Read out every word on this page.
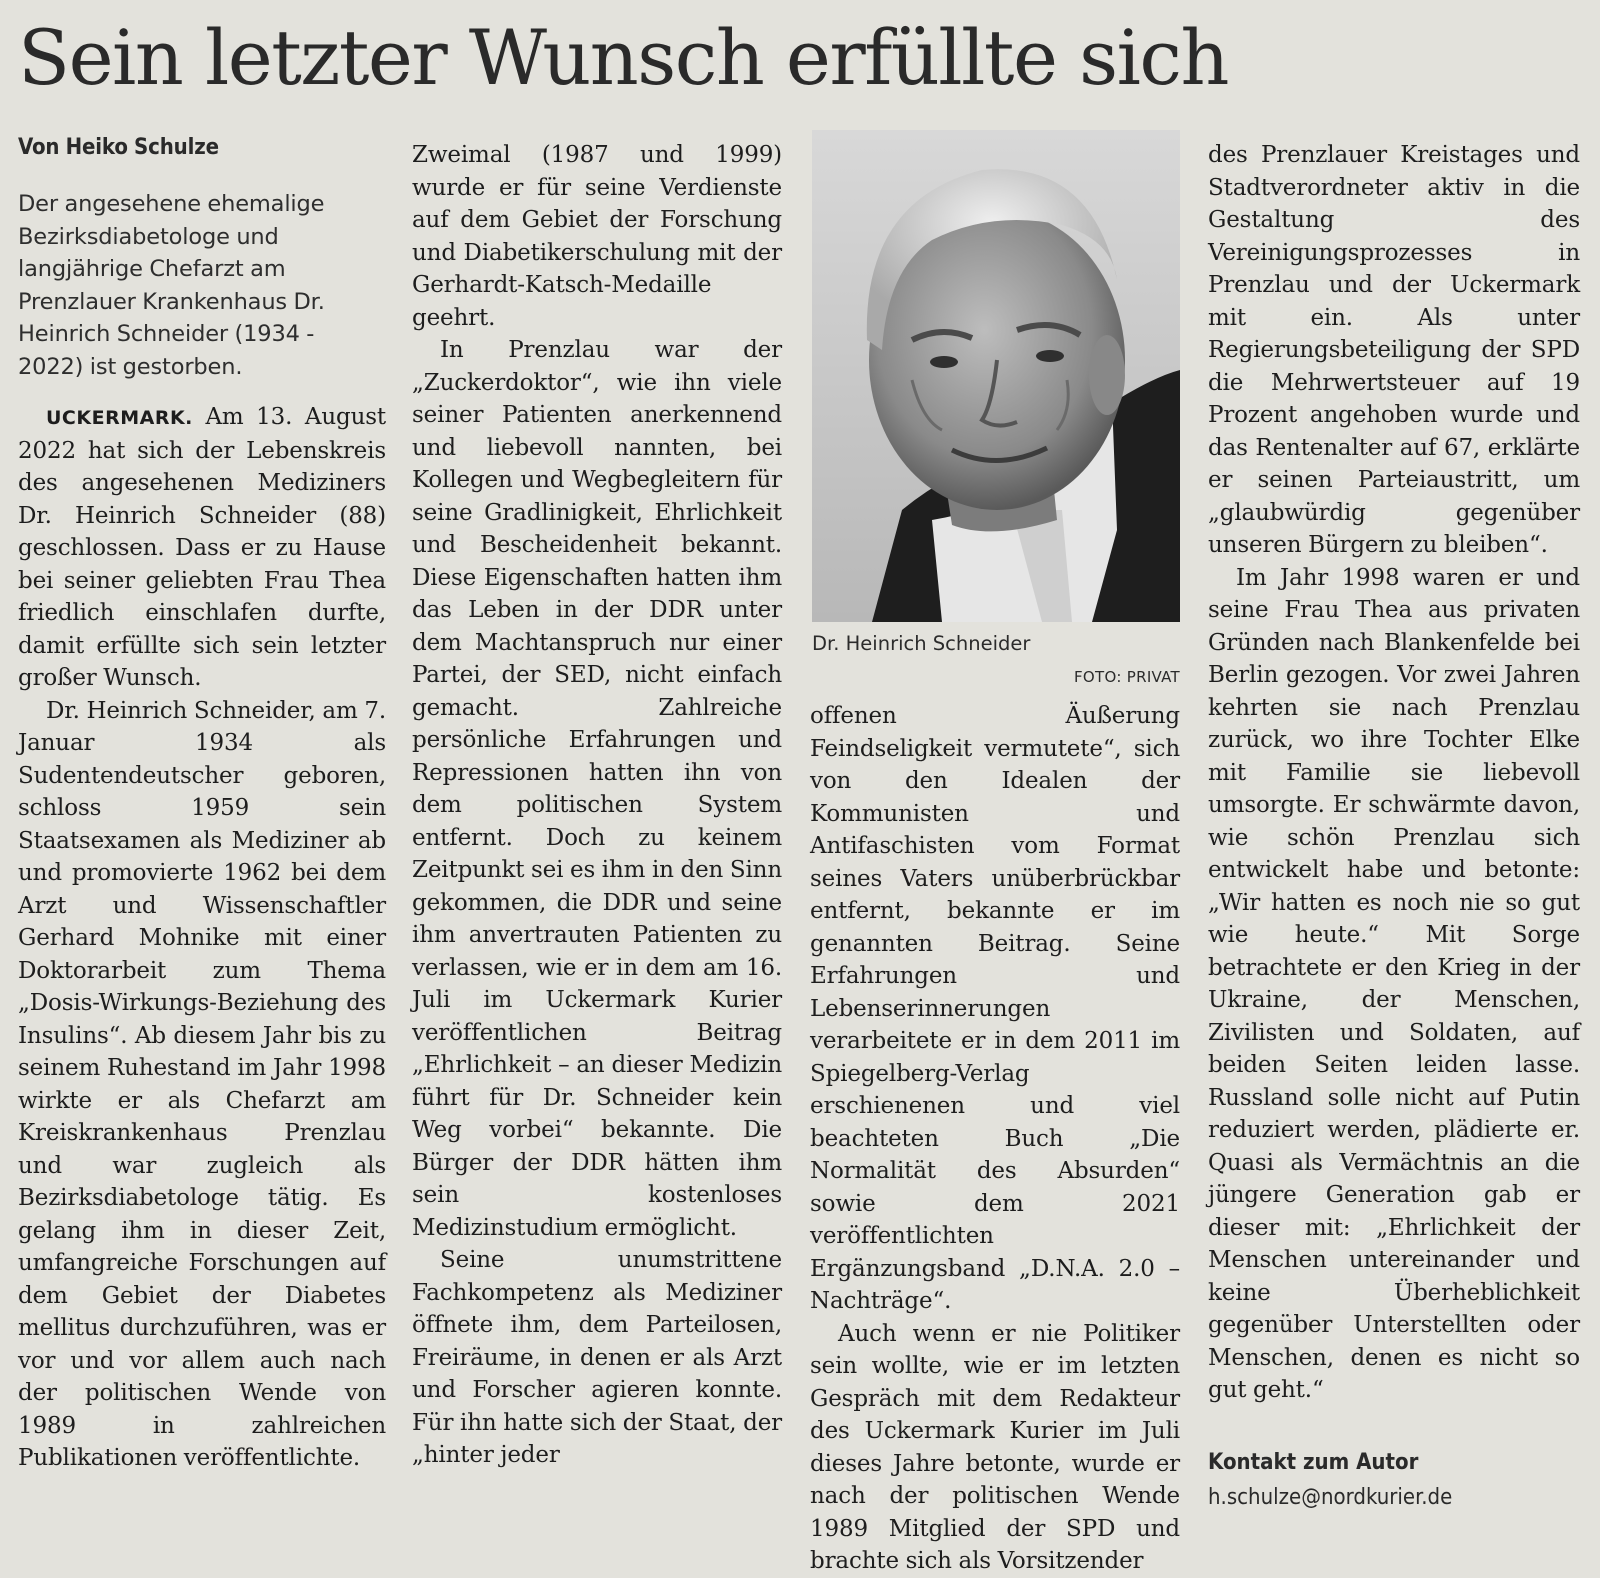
Sein letzter Wunsch erfüllte sich

Von Heiko Schulze

Der angesehene ehemalige Bezirksdiabetologe und langjährige Chefarzt am Prenzlauer Krankenhaus Dr. Heinrich Schneider (1934 - 2022) ist gestorben.

UCKERMARK. Am 13. August 2022 hat sich der Lebenskreis des angesehenen Mediziners Dr. Heinrich Schneider (88) geschlossen. Dass er zu Hause bei seiner geliebten Frau Thea friedlich einschlafen durfte, damit erfüllte sich sein letzter großer Wunsch.

Dr. Heinrich Schneider, am 7. Januar 1934 als Sudentendeutscher geboren, schloss 1959 sein Staatsexamen als Mediziner ab und promovierte 1962 bei dem Arzt und Wissenschaftler Gerhard Mohnike mit einer Doktorarbeit zum Thema „Dosis-Wirkungs-Beziehung des Insulins“. Ab diesem Jahr bis zu seinem Ruhestand im Jahr 1998 wirkte er als Chefarzt am Kreiskrankenhaus Prenzlau und war zugleich als Bezirksdiabetologe tätig. Es gelang ihm in dieser Zeit, umfangreiche Forschungen auf dem Gebiet der Diabetes mellitus durchzuführen, was er vor und vor allem auch nach der politischen Wende von 1989 in zahlreichen Publikationen veröffentlichte.

Zweimal (1987 und 1999) wurde er für seine Verdienste auf dem Gebiet der Forschung und Diabetikerschulung mit der Gerhardt-Katsch-Medaille geehrt.

In Prenzlau war der „Zuckerdoktor“, wie ihn viele seiner Patienten anerkennend und liebevoll nannten, bei Kollegen und Wegbegleitern für seine Gradlinigkeit, Ehrlichkeit und Bescheidenheit bekannt. Diese Eigenschaften hatten ihm das Leben in der DDR unter dem Machtanspruch nur einer Partei, der SED, nicht einfach gemacht. Zahlreiche persönliche Erfahrungen und Repressionen hatten ihn von dem politischen System entfernt. Doch zu keinem Zeitpunkt sei es ihm in den Sinn gekommen, die DDR und seine ihm anvertrauten Patienten zu verlassen, wie er in dem am 16. Juli im Uckermark Kurier veröffentlichen Beitrag „Ehrlichkeit – an dieser Medizin führt für Dr. Schneider kein Weg vorbei“ bekannte. Die Bürger der DDR hätten ihm sein kostenloses Medizinstudium ermöglicht.

Seine unumstrittene Fachkompetenz als Mediziner öffnete ihm, dem Parteilosen, Freiräume, in denen er als Arzt und Forscher agieren konnte. Für ihn hatte sich der Staat, der „hinter jeder

Dr. Heinrich Schneider
FOTO: PRIVAT

offenen Äußerung Feindseligkeit vermutete“, sich von den Idealen der Kommunisten und Antifaschisten vom Format seines Vaters unüberbrückbar entfernt, bekannte er im genannten Beitrag. Seine Erfahrungen und Lebenserinnerungen verarbeitete er in dem 2011 im Spiegelberg-Verlag erschienenen und viel beachteten Buch „Die Normalität des Absurden“ sowie dem 2021 veröffentlichten Ergänzungsband „D.N.A. 2.0 – Nachträge“.

Auch wenn er nie Politiker sein wollte, wie er im letzten Gespräch mit dem Redakteur des Uckermark Kurier im Juli dieses Jahre betonte, wurde er nach der politischen Wende 1989 Mitglied der SPD und brachte sich als Vorsitzender

des Prenzlauer Kreistages und Stadtverordneter aktiv in die Gestaltung des Vereinigungsprozesses in Prenzlau und der Uckermark mit ein. Als unter Regierungsbeteiligung der SPD die Mehrwertsteuer auf 19 Prozent angehoben wurde und das Rentenalter auf 67, erklärte er seinen Parteiaustritt, um „glaubwürdig gegenüber unseren Bürgern zu bleiben“.

Im Jahr 1998 waren er und seine Frau Thea aus privaten Gründen nach Blankenfelde bei Berlin gezogen. Vor zwei Jahren kehrten sie nach Prenzlau zurück, wo ihre Tochter Elke mit Familie sie liebevoll umsorgte. Er schwärmte davon, wie schön Prenzlau sich entwickelt habe und betonte: „Wir hatten es noch nie so gut wie heute.“ Mit Sorge betrachtete er den Krieg in der Ukraine, der Menschen, Zivilisten und Soldaten, auf beiden Seiten leiden lasse. Russland solle nicht auf Putin reduziert werden, plädierte er. Quasi als Vermächtnis an die jüngere Generation gab er dieser mit: „Ehrlichkeit der Menschen untereinander und keine Überheblichkeit gegenüber Unterstellten oder Menschen, denen es nicht so gut geht.“

Kontakt zum Autor
h.schulze@nordkurier.de
